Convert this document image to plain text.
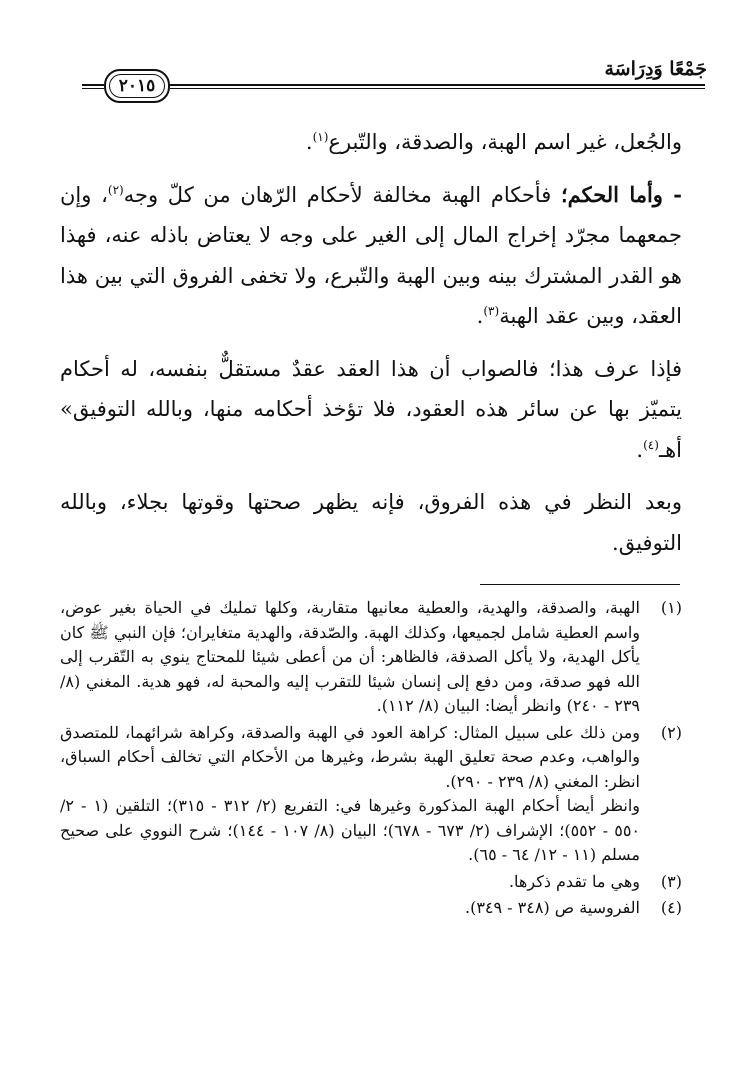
جَمْعًا وَدِرَاسَة
٢٠١٥

والجُعل، غير اسم الهبة، والصدقة، والتّبرع$^{(١)}$.

- وأما الحكم؛ فأحكام الهبة مخالفة لأحكام الرّهان من كلّ وجه$^{(٢)}$، وإن جمعهما مجرّد إخراج المال إلى الغير على وجه لا يعتاض باذله عنه، فهذا هو القدر المشترك بينه وبين الهبة والتّبرع، ولا تخفى الفروق التي بين هذا العقد، وبين عقد الهبة$^{(٣)}$.

فإذا عرف هذا؛ فالصواب أن هذا العقد عقدٌ مستقلٌّ بنفسه، له أحكام يتميّز بها عن سائر هذه العقود، فلا تؤخذ أحكامه منها، وبالله التوفيق» أهـ$^{(٤)}$.

وبعد النظر في هذه الفروق، فإنه يظهر صحتها وقوتها بجلاء، وبالله التوفيق.

(١)

الهبة، والصدقة، والهدية، والعطية معانيها متقاربة، وكلها تمليك في الحياة بغير عوض، واسم العطية شامل لجميعها، وكذلك الهبة. والصّدقة، والهدية متغايران؛ فإن النبي ﷺ كان يأكل الهدية، ولا يأكل الصدقة، فالظاهر: أن من أعطى شيئا للمحتاج ينوي به التّقرب إلى الله فهو صدقة، ومن دفع إلى إنسان شيئا للتقرب إليه والمحبة له، فهو هدية. المغني (٨/ ٢٣٩ - ٢٤٠) وانظر أيضا: البيان (٨/ ١١٢).

(٢)

ومن ذلك على سبيل المثال: كراهة العود في الهبة والصدقة، وكراهة شرائهما، للمتصدق والواهب، وعدم صحة تعليق الهبة بشرط، وغيرها من الأحكام التي تخالف أحكام السباق، انظر: المغني (٨/ ٢٣٩ - ٢٩٠).

وانظر أيضا أحكام الهبة المذكورة وغيرها في: التفريع (٢/ ٣١٢ - ٣١٥)؛ التلقين (١ - ٢/ ٥٥٠ - ٥٥٢)؛ الإشراف (٢/ ٦٧٣ - ٦٧٨)؛ البيان (٨/ ١٠٧ - ١٤٤)؛ شرح النووي على صحيح مسلم (١١ - ١٢/ ٦٤ - ٦٥).

(٣)

وهي ما تقدم ذكرها.

(٤)

الفروسية ص (٣٤٨ - ٣٤٩).
